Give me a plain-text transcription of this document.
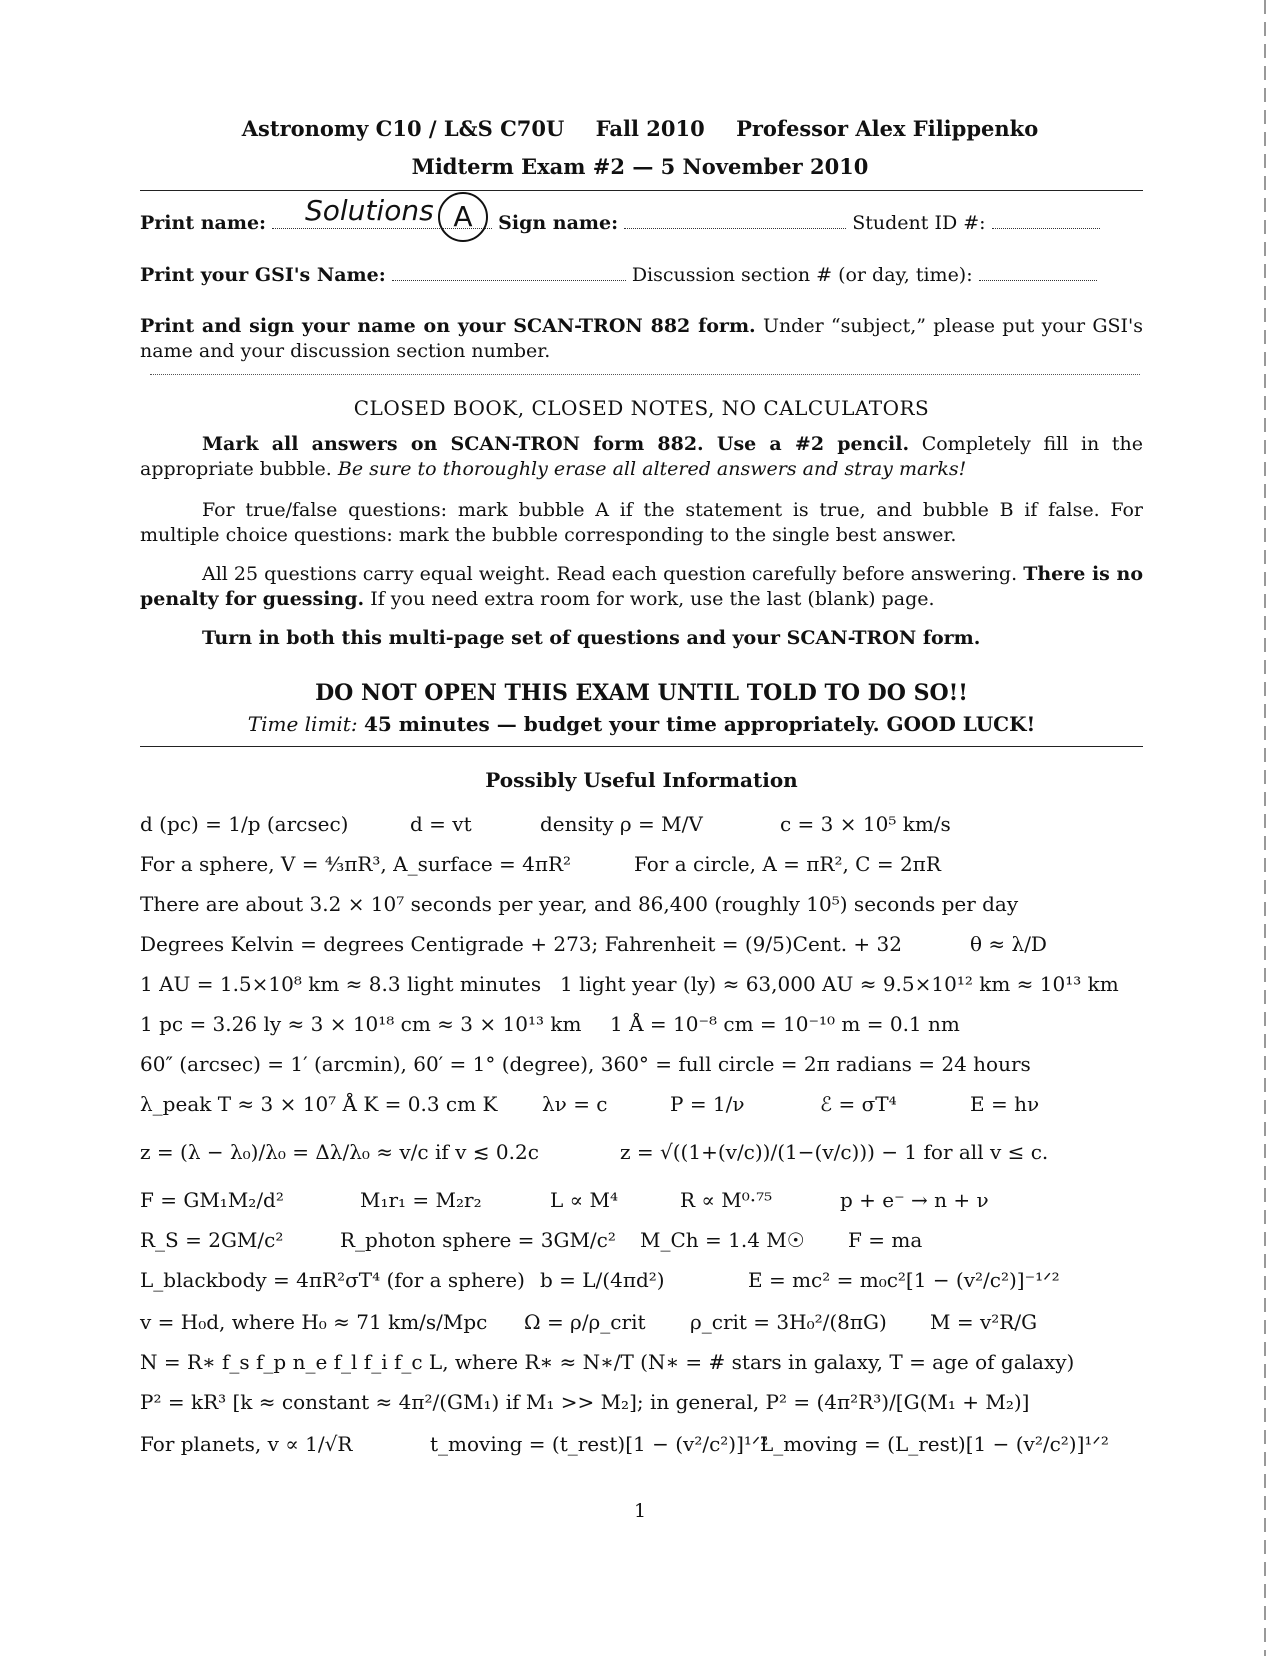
Astronomy C10 / L&S C70U Fall 2010 Professor Alex Filippenko
Midterm Exam #2 — 5 November 2010
Print name:	Sign name:	Student ID #:
Solutions A
Print your GSI's Name:	Discussion section # (or day, time):
Print and sign your name on your SCAN-TRON 882 form. Under “subject,” please put your GSI's name and your discussion section number.
CLOSED BOOK, CLOSED NOTES, NO CALCULATORS
Mark all answers on SCAN-TRON form 882. Use a #2 pencil. Completely fill in the appropriate bubble. Be sure to thoroughly erase all altered answers and stray marks!
For true/false questions: mark bubble A if the statement is true, and bubble B if false. For multiple choice questions: mark the bubble corresponding to the single best answer.
All 25 questions carry equal weight. Read each question carefully before answering. There is no penalty for guessing. If you need extra room for work, use the last (blank) page.
Turn in both this multi-page set of questions and your SCAN-TRON form.
DO NOT OPEN THIS EXAM UNTIL TOLD TO DO SO!!
Time limit: 45 minutes — budget your time appropriately. GOOD LUCK!
Possibly Useful Information
d (pc) = 1/p (arcsec)	d = vt	density ρ = M/V	c = 3 × 10⁵ km/s
For a sphere, V = ⁴⁄₃πR³, A_surface = 4πR²	For a circle, A = πR², C = 2πR
There are about 3.2 × 10⁷ seconds per year, and 86,400 (roughly 10⁵) seconds per day
Degrees Kelvin = degrees Centigrade + 273; Fahrenheit = (9/5)Cent. + 32	θ ≈ λ/D
1 AU = 1.5×10⁸ km ≈ 8.3 light minutes 1 light year (ly) ≈ 63,000 AU ≈ 9.5×10¹² km ≈ 10¹³ km
1 pc = 3.26 ly ≈ 3 × 10¹⁸ cm ≈ 3 × 10¹³ km 1 Å = 10⁻⁸ cm = 10⁻¹⁰ m = 0.1 nm
60″ (arcsec) = 1′ (arcmin), 60′ = 1° (degree), 360° = full circle = 2π radians = 24 hours
λ_peak T ≈ 3 × 10⁷ Å K = 0.3 cm K λν = c	P = 1/ν	ℰ = σT⁴	E = hν
z = (λ − λ₀)/λ₀ = Δλ/λ₀ ≈ v/c if v ≲ 0.2c	z = √((1+(v/c))/(1−(v/c))) − 1 for all v ≤ c.
F = GM₁M₂/d²	M₁r₁ = M₂r₂	L ∝ M⁴	R ∝ M⁰·⁷⁵	p + e⁻ → n + ν
R_S = 2GM/c²	R_photon sphere = 3GM/c² M_Ch = 1.4 M☉ F = ma
L_blackbody = 4πR²σT⁴ (for a sphere) b = L/(4πd²)	E = mc² = m₀c²[1 − (v²/c²)]⁻¹ᐟ²
v = H₀d, where H₀ ≈ 71 km/s/Mpc Ω = ρ/ρ_crit ρ_crit = 3H₀²/(8πG) M = v²R/G
N = R∗ f_s f_p n_e f_l f_i f_c L, where R∗ ≈ N∗/T (N∗ = # stars in galaxy, T = age of galaxy)
P² = kR³ [k ≈ constant ≈ 4π²/(GM₁) if M₁ >> M₂]; in general, P² = (4π²R³)/[G(M₁ + M₂)]
For planets, v ∝ 1/√R	t_moving = (t_rest)[1 − (v²/c²)]¹ᐟ²
L_moving = (L_rest)[1 − (v²/c²)]¹ᐟ²
1
